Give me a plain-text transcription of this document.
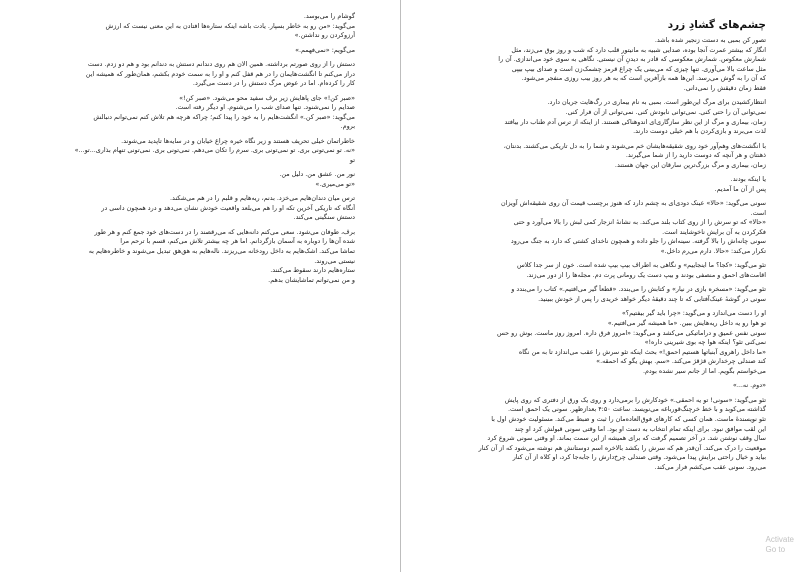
گوشام را می‌بوسد.

می‌گوید: «من رو به خاطر بسپار. یادت باشه اینکه ستاره‌ها افتادن به این معنی نیست که ارزش

آرزوکردن رو نداشتن.»

می‌گویم: «نمی‌فهمم.»

دستش را از روی صورتم برداشته. همین الان هم روی دندانم دستش به دندانم بود و هم دو زدم. دست

دراز می‌کنم تا انگشت‌هایمان را در هم قفل کنم و او را به سمت خودم بکشم، همان‌طور که همیشه این

کار را کرده‌ام. اما در عوض مرگ دستش را در دست می‌گیرد.

«صبر کن!» جای پاهایش زیر برف سفید محو می‌شود. «صبر کن!»

صدایم را نمی‌شنود. تنها صدای شب را می‌شنوم. او دیگر رفته است.

می‌گوید: «صبر کن.» انگشت‌هایم را به خود را پیدا کنم؛ چراکه هرچه هم تلاش کنم نمی‌توانم دنبالش

بروم.

خاطراتمان خیلی تحریف هستند و زیر نگاه خیره چراغ خیابان و در سایه‌ها تاپدید می‌شوند.

«نه. تو نمی‌تونی بری. تو نمی‌تونی بری. سرم را تکان می‌دهم. نمی‌تونی بری. نمی‌تونی تنهام بذاری...تو...»

تو

نور من. عشق من. دلیل من.

«تو می‌میری.»

ترس میان دندان‌هایم می‌خزد. بدنم، ریه‌هایم و قلبم را در هم می‌شکند.

آنگاه که تاریکی آخرین تکه او را هم می‌بلعد واقعیت خودش نشان می‌دهد و درد همچون داسی در

دستش سنگینی می‌کند.

برف، طوفان می‌شود. سعی می‌کنم دانه‌هایی که می‌رقصند را در دست‌های خود جمع کنم و هر طور

شده آن‌ها را دوباره به آسمان بازگردانم. اما هر چه بیشتر تلاش می‌کنم، قسم با ترحم مرا

تماشا می‌کند. اشک‌هایم به داخل رودخانه می‌ریزند. ناله‌هایم به هق‌هق تبدیل می‌شوند و خاطره‌هایم به

نیستی می‌روند.

ستاره‌هایم دارند سقوط می‌کنند.

و من نمی‌توانم تماشایشان بدهم.

چشم‌های گشادِ زرد

تصور کن بمبی به دستت زنجیر شده باشد.

انگار که بیشتر عمرت آنجا بوده، صدایی شبیه به مانیتور قلب دارد که شب و روز بوق می‌زند، مثل

شمارش معکوس. شمارش معکوسی که قادر به دیدنِ آن نیستی. نگاهی به سوی خود می‌اندازی. آن را

مثل ساعت بالا می‌آوری. تنها چیزی که می‌بینی یک چراغ قرمز چشمک‌زن است و صدای بیپ بیپی

که آن را به گوش می‌رسد. این‌ها همه بازآفرین است که به هر روز بیب روزی منفجر می‌شود.

فقط زمان دقیقش را نمی‌دانی.

انتظارکشیدن برای مرگ این‌طور است. بمبی به نام بیماری در رگ‌هایت جریان دارد.

نمی‌توانی آن را حتی کنی. نمی‌توانی نابودش کنی. نمی‌توانی از آن فرار کنی.

زمان، بیماری و مرگ از این نظر سازگاری‌ای اندوهناکی هستند. از اینکه از ترس آدم طناب دار بیافتد

لذت می‌برند و بازی‌کردن با هم خیلی دوست دارند.

با انگشت‌های وهم‌آور خود روی شقیقه‌هایشان خم می‌شوند و شما را به دل تاریکی می‌کشند. بدنتان،

ذهنتان و هر آنچه که دوست دارید را از شما می‌گیرند.

زمان، بیماری و مرگ بزرگ‌ترین سارقان این جهان هستند.

یا اینکه بودند.

پس از آن ما آمدیم.

سونی می‌گوید: «حالا» عینک دودی‌ای به چشم دارد که هنوز برچسب قیمت آن روی شقیقه‌اش آویزان

است.

«حالا» که تو سرش را از روی کتاب بلند می‌کند. به نشانهٔ انزجار کمی لبش را بالا می‌آورد و حتی

فکرکردن به آن برایش ناخوشایند است.

سونی چانه‌اش را بالا گرفته. سینه‌اش را جلو داده و همچون ناخدای کشتی که دارد به جنگ می‌رود

تکرار می‌کند: «حالا. دارم می‌رم داخل.»

تئو می‌گوید: «کجا؟ ما اینجاییم» و نگاهی به اطراف بیپ بیپ شده است. خون از سر جدا کلاس

اقامت‌های احمق و منصفی بودند و بیپ دست یک رومانی پرت دم. مجله‌ها را از دور می‌زند.

تئو می‌گوید: «مسخره بازی در نیار» و کتابش را می‌بندد. «قطعاً گیر می‌افتیم.» کتاب را می‌بندد و

سونی در گوشهٔ عینک‌آفتابی که تا چند دقیقهٔ دیگر خواهد خریدی را پس از خودش ببینید.

او را دست می‌اندازد و می‌گوید: «چرا باید گیر بیفتیم؟»

تو هوا رو یه داخل ریه‌هایش ببین. «ما همیشه گیر می‌افتیم.»

سونی نفس عمیق و دراماتیکی می‌کشد و می‌گوید: «امروز فرق داره. امروز روز ماست. بوش رو حس

نمی‌کنی تئو؟ اینکه هوا چه بوی شیرینی داره!»

«ما داخل راهروی آبنباتها هستیم احمق!» بحث اینکه تئو سرش را عقب می‌اندازد تا به من نگاه

کند صندلی چرخدارش قژقژ می‌کند. «سم. بهش یگو که احمقه.»

می‌خواستم بگویم. اما از جانم سیر نشده بودم.

«دوم. نه...»

تئو می‌گوید: «سونی! تو یه احمقی.» خودکارش را برمی‌دارد و روی یک ورق از دفتری که روی پایش

گذاشته می‌کوبد و با خط خرچنگ‌قورباغه می‌نویسد. ساعت ۴:۵۰ بعدازظهر. سونی یک احمق است.

تئو نویسندهٔ ماست. همان کسی که کارهای فوق‌العاده‌مان را ثبت و ضبط می‌کند. مسئولیت خودش اول با

این لقب موافق نبود. برای اینکه تمام انتخاب به دست او بود. اما وقتی سونی قبولش کرد او چند

سال وقف نوشتن شد. در آخر تصمیم گرفت که برای همیشه از این سمت بماند. او وقتی سونی شروع کرد

موقعیت را درک می‌کند. آن‌قدر هم که سرش را بکشد بالاخره اسم دوستانش هم نوشته می‌شود که از آن کنار

بیاید و خیال راحتی برایش پیدا می‌شود. وقتی صندلی چرخ‌دارش را جابه‌جا کرد، او کلاه از آن کنار

می‌رود. سونی عقب می‌کشم فرار می‌کند.

Activate
Go to
